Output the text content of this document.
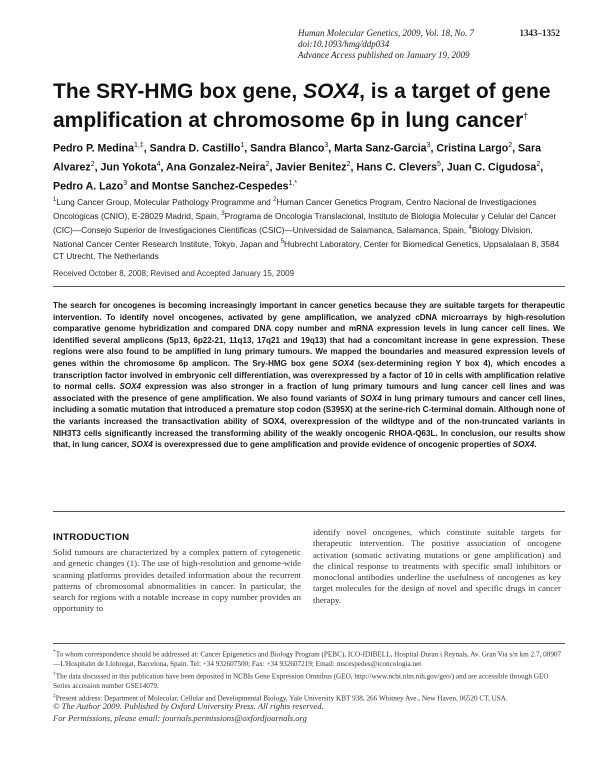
Human Molecular Genetics, 2009, Vol. 18, No. 7	1343–1352
doi:10.1093/hmg/ddp034
Advance Access published on January 19, 2009
The SRY-HMG box gene, SOX4, is a target of gene amplification at chromosome 6p in lung cancer†
Pedro P. Medina$^{1,\ddagger}$, Sandra D. Castillo$^1$, Sandra Blanco$^3$, Marta Sanz-Garcia$^3$, Cristina Largo$^2$, Sara Alvarez$^2$, Jun Yokota$^4$, Ana Gonzalez-Neira$^2$, Javier Benitez$^2$, Hans C. Clevers$^5$, Juan C. Cigudosa$^2$, Pedro A. Lazo$^3$ and Montse Sanchez-Cespedes$^{1,*}$
$^1$Lung Cancer Group, Molecular Pathology Programme and $^2$Human Cancer Genetics Program, Centro Nacional de Investigaciones Oncologicas (CNIO), E-28029 Madrid, Spain, $^3$Programa de Oncologia Translacional, Instituto de Biologia Molecular y Celular del Cancer (CIC)—Consejo Superior de Investigaciones Cientificas (CSIC)—Universidad de Salamanca, Salamanca, Spain, $^4$Biology Division, National Cancer Center Research Institute, Tokyo, Japan and $^5$Hubrecht Laboratory, Center for Biomedical Genetics, Uppsalalaan 8, 3584 CT Utrecht, The Netherlands
Received October 8, 2008; Revised and Accepted January 15, 2009
The search for oncogenes is becoming increasingly important in cancer genetics because they are suitable targets for therapeutic intervention. To identify novel oncogenes, activated by gene amplification, we analyzed cDNA microarrays by high-resolution comparative genome hybridization and compared DNA copy number and mRNA expression levels in lung cancer cell lines. We identified several amplicons (5p13, 6p22-21, 11q13, 17q21 and 19q13) that had a concomitant increase in gene expression. These regions were also found to be amplified in lung primary tumours. We mapped the boundaries and measured expression levels of genes within the chromosome 6p amplicon. The Sry-HMG box gene SOX4 (sex-determining region Y box 4), which encodes a transcription factor involved in embryonic cell differentiation, was overexpressed by a factor of 10 in cells with amplification relative to normal cells. SOX4 expression was also stronger in a fraction of lung primary tumours and lung cancer cell lines and was associated with the presence of gene amplification. We also found variants of SOX4 in lung primary tumours and cancer cell lines, including a somatic mutation that introduced a premature stop codon (S395X) at the serine-rich C-terminal domain. Although none of the variants increased the transactivation ability of SOX4, overexpression of the wildtype and of the non-truncated variants in NIH3T3 cells significantly increased the transforming ability of the weakly oncogenic RHOA-Q63L. In conclusion, our results show that, in lung cancer, SOX4 is overexpressed due to gene amplification and provide evidence of oncogenic properties of SOX4.
INTRODUCTION
Solid tumours are characterized by a complex pattern of cytogenetic and genetic changes (1). The use of high-resolution and genome-wide scanning platforms provides detailed information about the recurrent patterns of chromosomal abnormalities in cancer. In particular, the search for regions with a notable increase in copy number provides an opportunity to
identify novel oncogenes, which constitute suitable targets for therapeutic intervention. The positive association of oncogene activation (somatic activating mutations or gene amplification) and the clinical response to treatments with specific small inhibitors or monoclonal antibodies underline the usefulness of oncogenes as key target molecules for the design of novel and specific drugs in cancer therapy.

*To whom correspondence should be addressed at: Cancer Epigenetics and Biology Program (PEBC), ICO-IDIBELL, Hospital Duran i Reynals, Av. Gran Via s/n km 2.7, 08907—L'Hospitalet de Llobregat, Barcelona, Spain. Tel: +34 932607500; Fax: +34 932607219; Email: mscespedes@iconcologia.net

†The data discussed in this publication have been deposited in NCBIs Gene Expression Omnibus (GEO, http://www.ncbi.nlm.nih.gov/geo/) and are accessible through GEO Series accession number GSE14079.

‡Present address: Department of Molecular, Cellular and Developmental Biology, Yale University KBT 938, 266 Whitney Ave., New Haven, 06520 CT, USA.

© The Author 2009. Published by Oxford University Press. All rights reserved.
For Permissions, please email: journals.permissions@oxfordjournals.org
